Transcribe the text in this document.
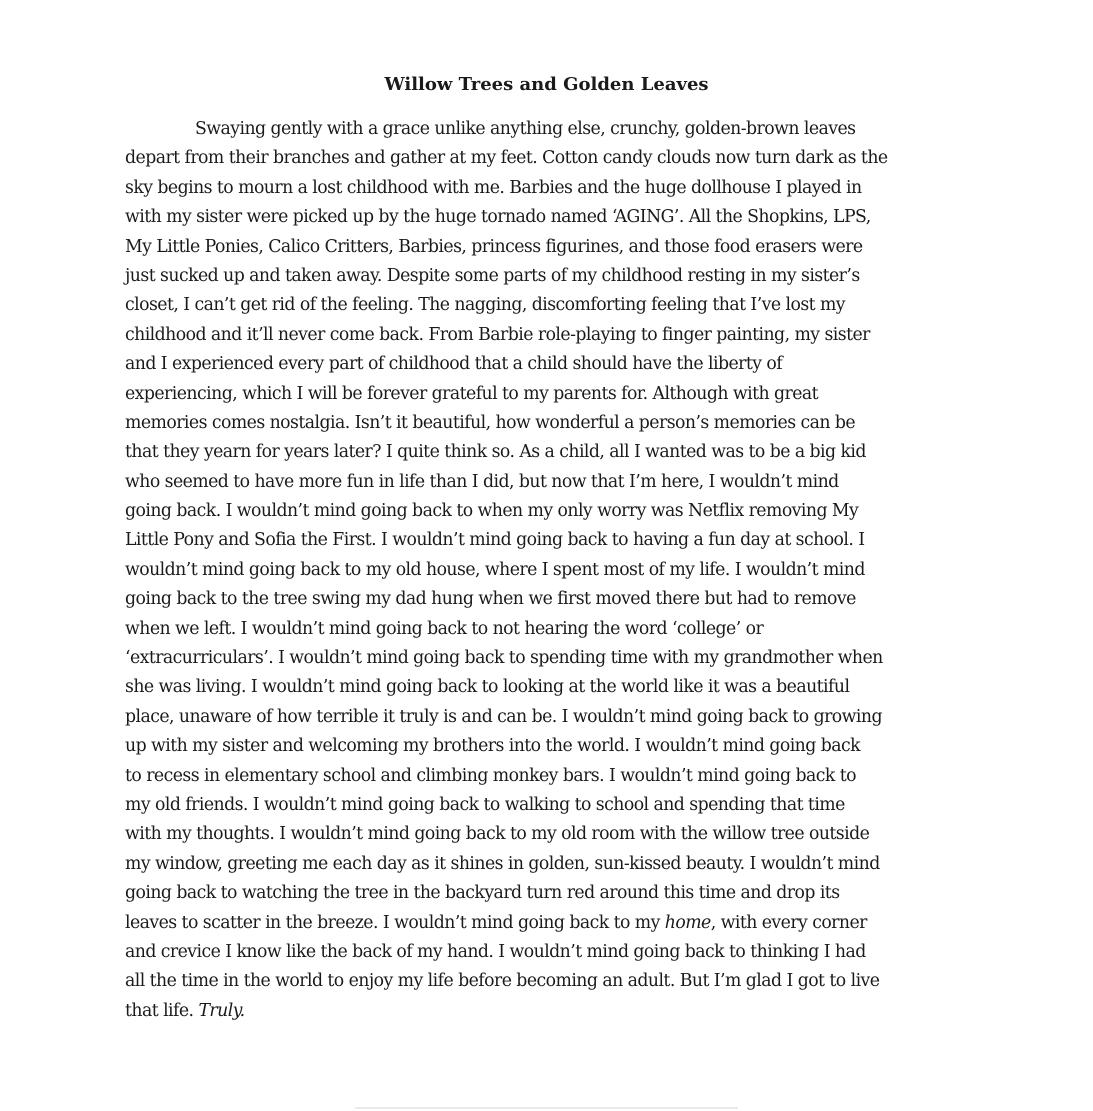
Willow Trees and Golden Leaves
Swaying gently with a grace unlike anything else, crunchy, golden-brown leaves
depart from their branches and gather at my feet. Cotton candy clouds now turn dark as the
sky begins to mourn a lost childhood with me. Barbies and the huge dollhouse I played in
with my sister were picked up by the huge tornado named ‘AGING’. All the Shopkins, LPS,
My Little Ponies, Calico Critters, Barbies, princess figurines, and those food erasers were
just sucked up and taken away. Despite some parts of my childhood resting in my sister’s
closet, I can’t get rid of the feeling. The nagging, discomforting feeling that I’ve lost my
childhood and it’ll never come back. From Barbie role-playing to finger painting, my sister
and I experienced every part of childhood that a child should have the liberty of
experiencing, which I will be forever grateful to my parents for. Although with great
memories comes nostalgia. Isn’t it beautiful, how wonderful a person’s memories can be
that they yearn for years later? I quite think so. As a child, all I wanted was to be a big kid
who seemed to have more fun in life than I did, but now that I’m here, I wouldn’t mind
going back. I wouldn’t mind going back to when my only worry was Netflix removing My
Little Pony and Sofia the First. I wouldn’t mind going back to having a fun day at school. I
wouldn’t mind going back to my old house, where I spent most of my life. I wouldn’t mind
going back to the tree swing my dad hung when we first moved there but had to remove
when we left. I wouldn’t mind going back to not hearing the word ‘college’ or
‘extracurriculars’. I wouldn’t mind going back to spending time with my grandmother when
she was living. I wouldn’t mind going back to looking at the world like it was a beautiful
place, unaware of how terrible it truly is and can be. I wouldn’t mind going back to growing
up with my sister and welcoming my brothers into the world. I wouldn’t mind going back
to recess in elementary school and climbing monkey bars. I wouldn’t mind going back to
my old friends. I wouldn’t mind going back to walking to school and spending that time
with my thoughts. I wouldn’t mind going back to my old room with the willow tree outside
my window, greeting me each day as it shines in golden, sun-kissed beauty. I wouldn’t mind
going back to watching the tree in the backyard turn red around this time and drop its
leaves to scatter in the breeze. I wouldn’t mind going back to my home, with every corner
and crevice I know like the back of my hand. I wouldn’t mind going back to thinking I had
all the time in the world to enjoy my life before becoming an adult. But I’m glad I got to live
that life. Truly.
